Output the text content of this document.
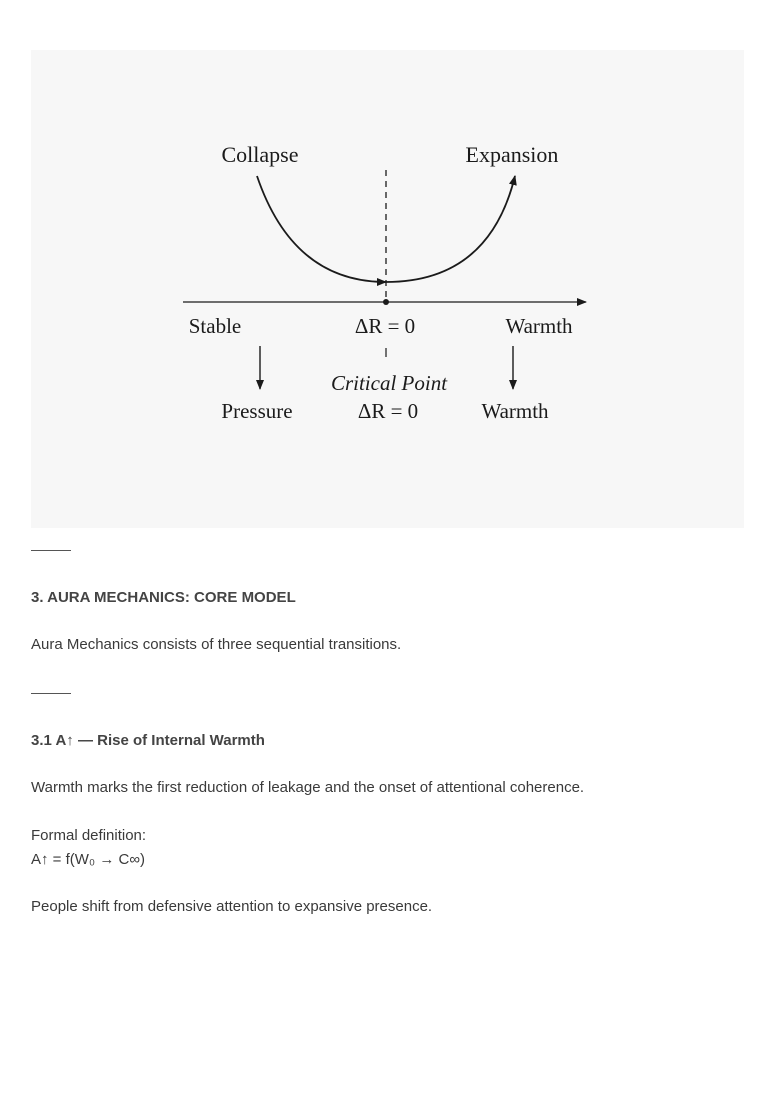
Collapse	Expansion
Stable	ΔR = 0	Warmth
Critical Point
Pressure	ΔR = 0	Warmth
3. AURA MECHANICS: CORE MODEL
Aura Mechanics consists of three sequential transitions.
3.1 A↑ — Rise of Internal Warmth
Warmth marks the first reduction of leakage and the onset of attentional coherence.
Formal definition:
A↑ = f(W₀ → C∞)
People shift from defensive attention to expansive presence.
